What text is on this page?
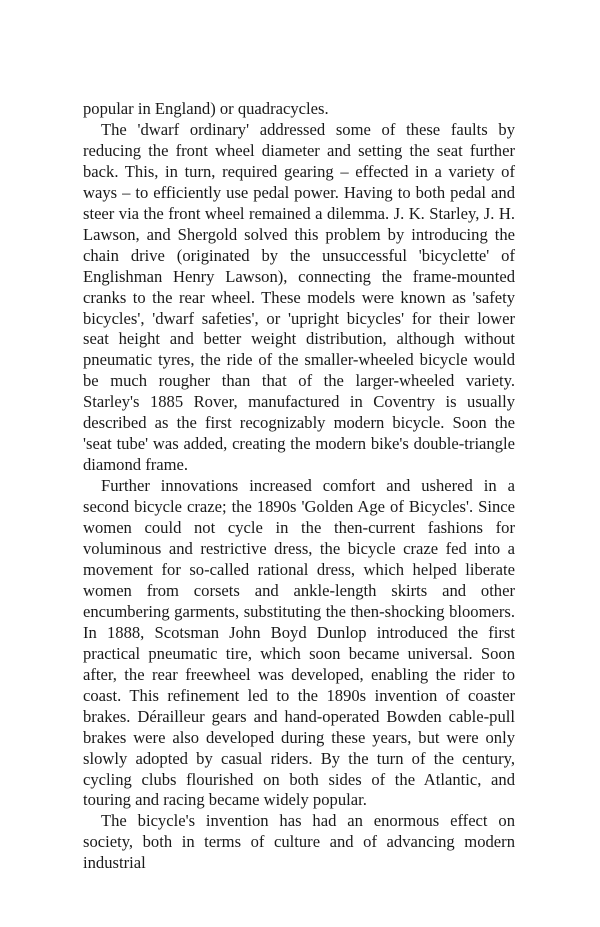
popular in England) or quadracycles.

The 'dwarf ordinary' addressed some of these faults by reducing the front wheel diameter and setting the seat further back. This, in turn, required gearing – effected in a variety of ways – to efficiently use pedal power. Having to both pedal and steer via the front wheel remained a dilemma. J. K. Starley, J. H. Lawson, and Shergold solved this problem by introducing the chain drive (originated by the unsuccessful 'bicyclette' of Englishman Henry Lawson), connecting the frame-mounted cranks to the rear wheel. These models were known as 'safety bicycles', 'dwarf safeties', or 'upright bicycles' for their lower seat height and better weight distribution, although without pneumatic tyres, the ride of the smaller-wheeled bicycle would be much rougher than that of the larger-wheeled variety. Starley's 1885 Rover, manufactured in Coventry is usually described as the first recognizably modern bicycle. Soon the 'seat tube' was added, creating the modern bike's double-triangle diamond frame.

Further innovations increased comfort and ushered in a second bicycle craze; the 1890s 'Golden Age of Bicycles'. Since women could not cycle in the then-current fashions for voluminous and restrictive dress, the bicycle craze fed into a movement for so-called rational dress, which helped liberate women from corsets and ankle-length skirts and other encumbering garments, substituting the then-shocking bloomers. In 1888, Scotsman John Boyd Dunlop introduced the first practical pneumatic tire, which soon became universal. Soon after, the rear freewheel was developed, enabling the rider to coast. This refinement led to the 1890s invention of coaster brakes. Dérailleur gears and hand-operated Bowden cable-pull brakes were also developed during these years, but were only slowly adopted by casual riders. By the turn of the century, cycling clubs flourished on both sides of the Atlantic, and touring and racing became widely popular.

The bicycle's invention has had an enormous effect on society, both in terms of culture and of advancing modern industrial
